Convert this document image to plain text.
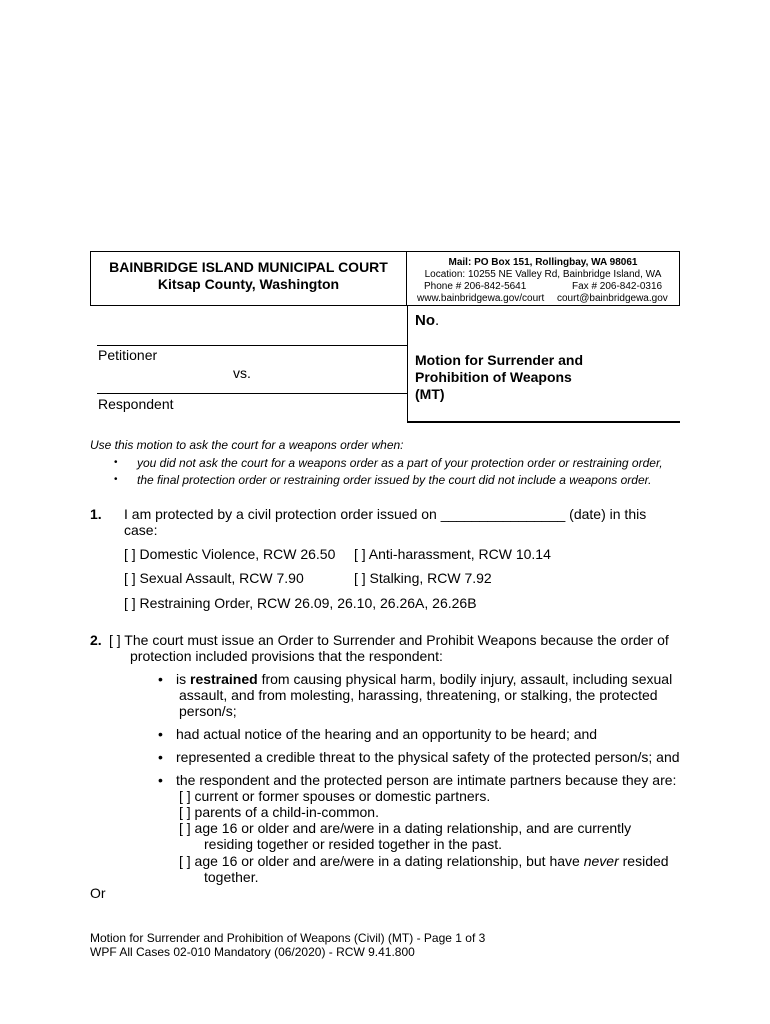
BAINBRIDGE ISLAND MUNICIPAL COURT
Kitsap County, Washington
Mail: PO Box 151, Rollingbay, WA 98061
Location: 10255 NE Valley Rd, Bainbridge Island, WA
Phone # 206-842-5641	Fax # 206-842-0316
www.bainbridgewa.gov/court court@bainbridgewa.gov
Petitioner
vs.
Respondent
No.
Motion for Surrender and
Prohibition of Weapons
(MT)
Use this motion to ask the court for a weapons order when:
• you did not ask the court for a weapons order as a part of your protection order or restraining order,
• the final protection order or restraining order issued by the court did not include a weapons order.
1. I am protected by a civil protection order issued on ________________ (date) in this
case:
[ ] Domestic Violence, RCW 26.50 [ ] Anti-harassment, RCW 10.14
[ ] Sexual Assault, RCW 7.90	[ ] Stalking, RCW 7.92
[ ] Restraining Order, RCW 26.09, 26.10, 26.26A, 26.26B
2. [ ] The court must issue an Order to Surrender and Prohibit Weapons because the order of
protection included provisions that the respondent:
• is restrained from causing physical harm, bodily injury, assault, including sexual
assault, and from molesting, harassing, threatening, or stalking, the protected
person/s;
• had actual notice of the hearing and an opportunity to be heard; and
• represented a credible threat to the physical safety of the protected person/s; and
• the respondent and the protected person are intimate partners because they are:
[ ] current or former spouses or domestic partners.
[ ] parents of a child-in-common.
[ ] age 16 or older and are/were in a dating relationship, and are currently
residing together or resided together in the past.
[ ] age 16 or older and are/were in a dating relationship, but have never resided
together.
Or
Motion for Surrender and Prohibition of Weapons (Civil) (MT) - Page 1 of 3
WPF All Cases 02-010 Mandatory (06/2020) - RCW 9.41.800
